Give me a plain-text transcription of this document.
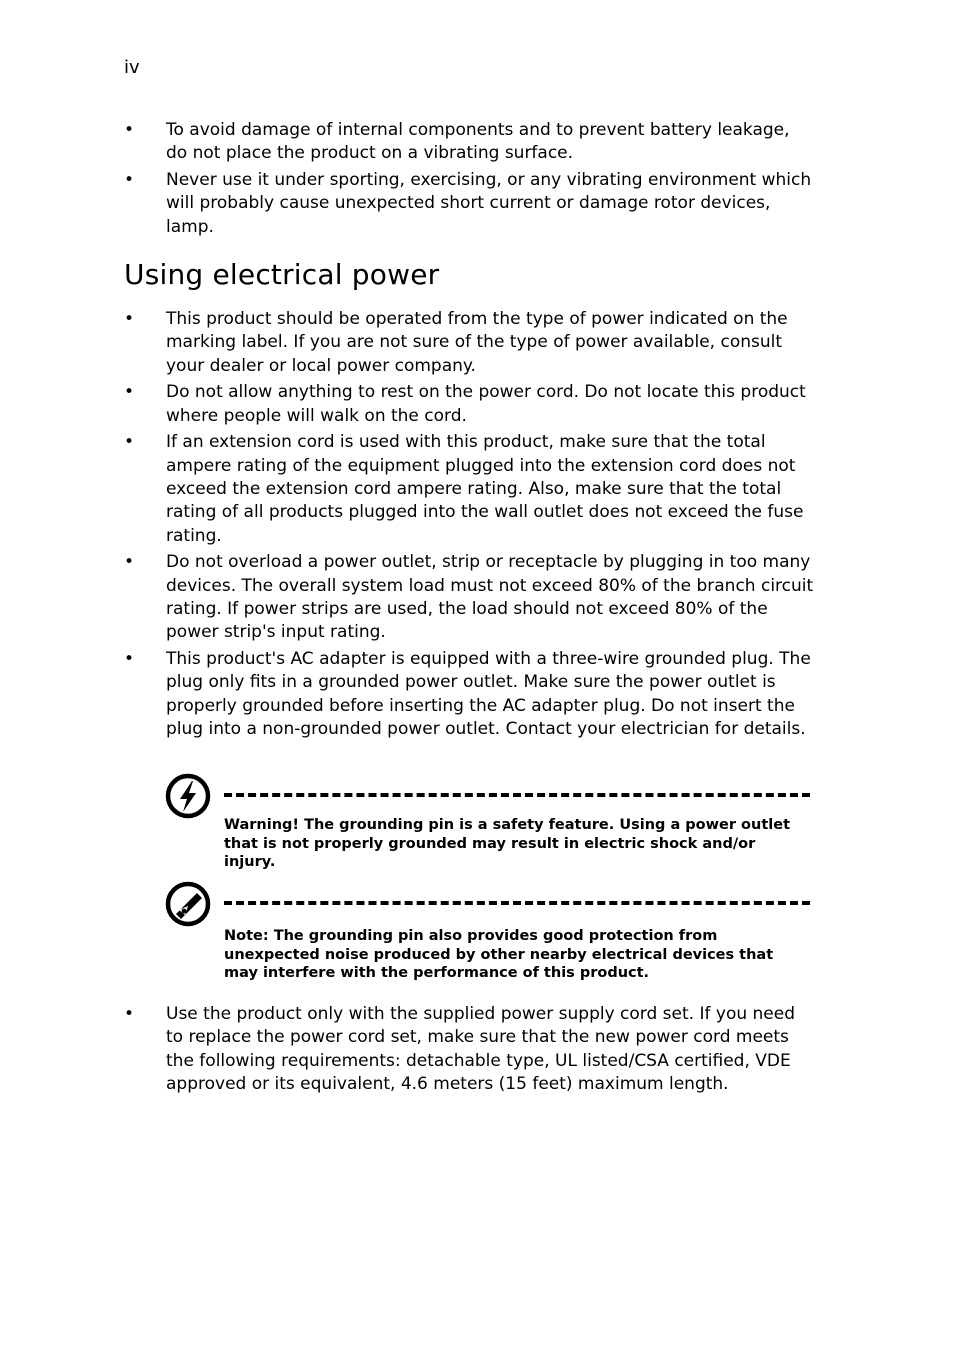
iv
• To avoid damage of internal components and to prevent battery leakage, do not place the product on a vibrating surface.
• Never use it under sporting, exercising, or any vibrating environment which will probably cause unexpected short current or damage rotor devices, lamp.
Using electrical power
• This product should be operated from the type of power indicated on the marking label. If you are not sure of the type of power available, consult your dealer or local power company.
• Do not allow anything to rest on the power cord. Do not locate this product where people will walk on the cord.
• If an extension cord is used with this product, make sure that the total ampere rating of the equipment plugged into the extension cord does not exceed the extension cord ampere rating. Also, make sure that the total rating of all products plugged into the wall outlet does not exceed the fuse rating.
• Do not overload a power outlet, strip or receptacle by plugging in too many devices. The overall system load must not exceed 80% of the branch circuit rating. If power strips are used, the load should not exceed 80% of the power strip's input rating.
• This product's AC adapter is equipped with a three-wire grounded plug. The plug only fits in a grounded power outlet. Make sure the power outlet is properly grounded before inserting the AC adapter plug. Do not insert the plug into a non-grounded power outlet. Contact your electrician for details.
Warning! The grounding pin is a safety feature. Using a power outlet that is not properly grounded may result in electric shock and/or injury.
Note: The grounding pin also provides good protection from unexpected noise produced by other nearby electrical devices that may interfere with the performance of this product.
• Use the product only with the supplied power supply cord set. If you need to replace the power cord set, make sure that the new power cord meets the following requirements: detachable type, UL listed/CSA certified, VDE approved or its equivalent, 4.6 meters (15 feet) maximum length.
